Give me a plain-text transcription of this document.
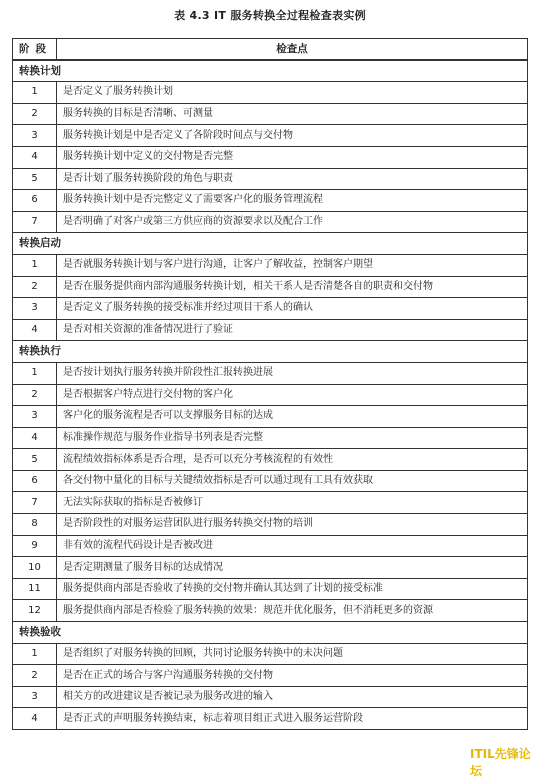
表 4.3 IT 服务转换全过程检查表实例
阶段	检查点
转换计划	
1	是否定义了服务转换计划
2	服务转换的目标是否清晰、可测量
3	服务转换计划是中是否定义了各阶段时间点与交付物
4	服务转换计划中定义的交付物是否完整
5	是否计划了服务转换阶段的角色与职责
6	服务转换计划中是否完整定义了需要客户化的服务管理流程
7	是否明确了对客户或第三方供应商的资源要求以及配合工作
转换启动	
1	是否就服务转换计划与客户进行沟通，让客户了解收益，控制客户期望
2	是否在服务提供商内部沟通服务转换计划，相关干系人是否清楚各自的职责和交付物
3	是否定义了服务转换的接受标准并经过项目干系人的确认
4	是否对相关资源的准备情况进行了验证
转换执行	
1	是否按计划执行服务转换并阶段性汇报转换进展
2	是否根据客户特点进行交付物的客户化
3	客户化的服务流程是否可以支撑服务目标的达成
4	标准操作规范与服务作业指导书列表是否完整
5	流程绩效指标体系是否合理，是否可以充分考核流程的有效性
6	各交付物中量化的目标与关键绩效指标是否可以通过现有工具有效获取
7	无法实际获取的指标是否被修订
8	是否阶段性的对服务运营团队进行服务转换交付物的培训
9	非有效的流程代码设计是否被改进
10	是否定期测量了服务目标的达成情况
11	服务提供商内部是否验收了转换的交付物并确认其达到了计划的接受标准
12	服务提供商内部是否检验了服务转换的效果：规范并优化服务，但不消耗更多的资源
转换验收	
1	是否组织了对服务转换的回顾，共同讨论服务转换中的未决问题
2	是否在正式的场合与客户沟通服务转换的交付物
3	相关方的改进建议是否被记录为服务改进的输入
4	是否正式的声明服务转换结束，标志着项目组正式进入服务运营阶段
ITIL先锋论坛
